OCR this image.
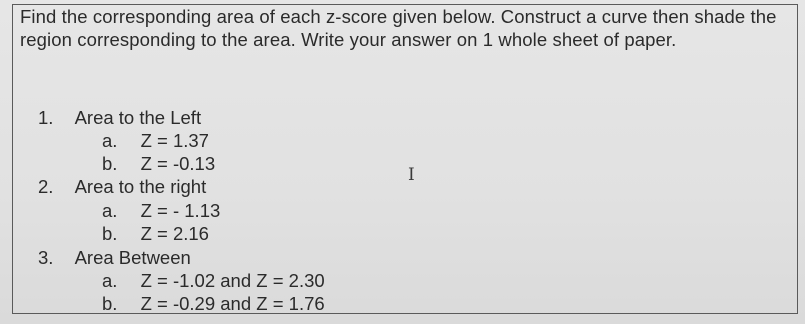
Find the corresponding area of each z-score given below. Construct a curve then shade the region corresponding to the area. Write your answer on 1 whole sheet of paper.
1. Area to the Left
a. Z = 1.37
b. Z = -0.13
2. Area to the right
a. Z = - 1.13
b. Z = 2.16
3. Area Between
a. Z = -1.02 and Z = 2.30
b. Z = -0.29 and Z = 1.76
I
